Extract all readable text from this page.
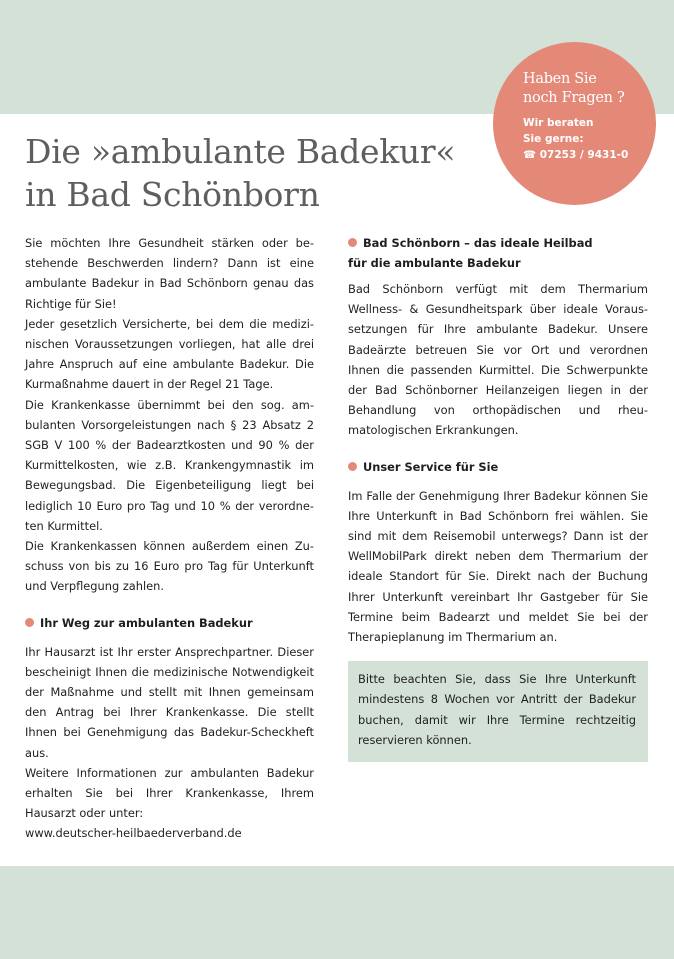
Haben Sie
noch Fragen ?
Wir beraten
Sie gerne:
☎ 07253 / 9431-0
Die »ambulante Badekur«
in Bad Schönborn

Sie möchten Ihre Gesundheit stärken oder bestehende Beschwerden lindern? Dann ist eine ambulante Badekur in Bad Schönborn genau das Richtige für Sie!

Jeder gesetzlich Versicherte, bei dem die medizinischen Voraussetzungen vorliegen, hat alle drei Jahre Anspruch auf eine ambulante Badekur. Die Kurmaßnahme dauert in der Regel 21 Tage.

Die Krankenkasse übernimmt bei den sog. ambulanten Vorsorgeleistungen nach § 23 Absatz 2 SGB V 100 % der Badearztkosten und 90 % der Kurmittelkosten, wie z.B. Krankengymnastik im Bewegungsbad. Die Eigenbeteiligung liegt bei lediglich 10 Euro pro Tag und 10 % der verordneten Kurmittel.

Die Krankenkassen können außerdem einen Zuschuss von bis zu 16 Euro pro Tag für Unterkunft und Verpflegung zahlen.

Ihr Weg zur ambulanten Badekur

Ihr Hausarzt ist Ihr erster Ansprechpartner. Dieser bescheinigt Ihnen die medizinische Notwendigkeit der Maßnahme und stellt mit Ihnen gemeinsam den Antrag bei Ihrer Krankenkasse. Die stellt Ihnen bei Genehmigung das Badekur-Scheckheft aus.

Weitere Informationen zur ambulanten Badekur erhalten Sie bei Ihrer Krankenkasse, Ihrem Hausarzt oder unter:

www.deutscher-heilbaederverband.de

Bad Schönborn – das ideale Heilbad
für die ambulante Badekur

Bad Schönborn verfügt mit dem Thermarium Wellness- & Gesundheitspark über ideale Voraussetzungen für Ihre ambulante Badekur. Unsere Badeärzte betreuen Sie vor Ort und verordnen Ihnen die passenden Kurmittel. Die Schwerpunkte der Bad Schönborner Heilanzeigen liegen in der Behandlung von orthopädischen und rheumatologischen Erkrankungen.

Unser Service für Sie

Im Falle der Genehmigung Ihrer Badekur können Sie Ihre Unterkunft in Bad Schönborn frei wählen. Sie sind mit dem Reisemobil unterwegs? Dann ist der WellMobilPark direkt neben dem Thermarium der ideale Standort für Sie. Direkt nach der Buchung Ihrer Unterkunft vereinbart Ihr Gastgeber für Sie Termine beim Badearzt und meldet Sie bei der Therapieplanung im Thermarium an.

Bitte beachten Sie, dass Sie Ihre Unterkunft mindestens 8 Wochen vor Antritt der Badekur buchen, damit wir Ihre Termine rechtzeitig reservieren können.
